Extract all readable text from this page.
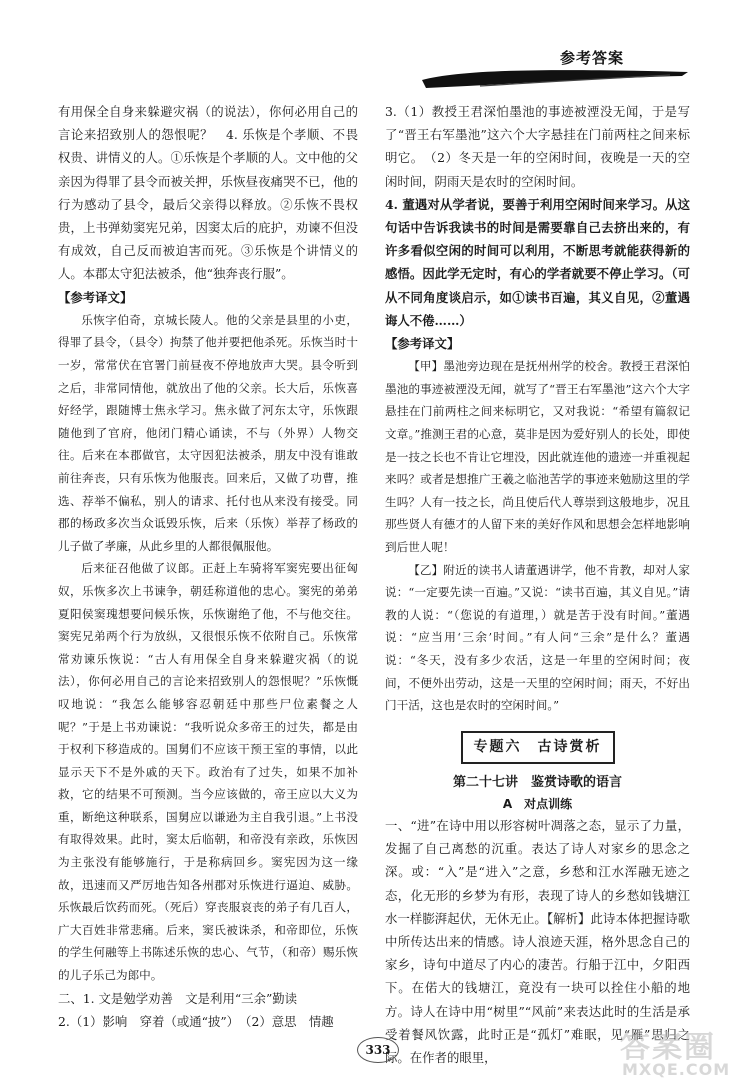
参考答案

有用保全自身来躲避灾祸（的说法），你何必用自己的言论来招致别人的怨恨呢？　4. 乐恢是个孝顺、不畏权贵、讲情义的人。①乐恢是个孝顺的人。文中他的父亲因为得罪了县令而被关押，乐恢昼夜痛哭不已，他的行为感动了县令，最后父亲得以释放。②乐恢不畏权贵，上书弹劾窦宪兄弟，因窦太后的庇护，劝谏不但没有成效，自己反而被迫害而死。③乐恢是个讲情义的人。本郡太守犯法被杀，他“独奔丧行服”。

【参考译文】

乐恢字伯奇，京城长陵人。他的父亲是县里的小吏，得罪了县令，（县令）拘禁了他并要把他杀死。乐恢当时十一岁，常常伏在官署门前昼夜不停地放声大哭。县令听到之后，非常同情他，就放出了他的父亲。长大后，乐恢喜好经学，跟随博士焦永学习。焦永做了河东太守，乐恢跟随他到了官府，他闭门精心诵读，不与（外界）人物交往。后来在本郡做官，太守因犯法被杀，朋友中没有谁敢前往奔丧，只有乐恢为他服丧。回来后，又做了功曹，推选、荐举不偏私，别人的请求、托付也从来没有接受。同郡的杨政多次当众诋毁乐恢，后来（乐恢）举荐了杨政的儿子做了孝廉，从此乡里的人都很佩服他。

后来征召他做了议郎。正赶上车骑将军窦宪要出征匈奴，乐恢多次上书谏争，朝廷称道他的忠心。窦宪的弟弟夏阳侯窦瑰想要问候乐恢，乐恢谢绝了他，不与他交往。窦宪兄弟两个行为放纵，又很恨乐恢不依附自己。乐恢常常劝谏乐恢说：“古人有用保全自身来躲避灾祸（的说法），你何必用自己的言论来招致别人的怨恨呢？”乐恢慨叹地说：“我怎么能够容忍朝廷中那些尸位素餐之人呢？”于是上书劝谏说：“我听说众多帝王的过失，都是由于权利下移造成的。国舅们不应该干预王室的事情，以此显示天下不是外戚的天下。政治有了过失，如果不加补救，它的结果不可预测。当今应该做的，帝王应以大义为重，断绝这种联系，国舅应以谦逊为主自我引退。”上书没有取得效果。此时，窦太后临朝，和帝没有亲政，乐恢因为主张没有能够施行，于是称病回乡。窦宪因为这一缘故，迅速而又严厉地告知各州郡对乐恢进行逼迫、威胁。乐恢最后饮药而死。（死后）穿丧服哀丧的弟子有几百人，广大百姓非常悲痛。后来，窦氏被诛杀，和帝即位，乐恢的学生何融等上书陈述乐恢的忠心、气节，（和帝）赐乐恢的儿子乐己为郎中。

二、1. 文是勉学劝善　文是利用“三余”勤读

2.（1）影响　穿着（或通“披”）　（2）意思　情趣

3.（1）教授王君深怕墨池的事迹被湮没无闻，于是写了“晋王右军墨池”这六个大字悬挂在门前两柱之间来标明它。　（2）冬天是一年的空闲时间，夜晚是一天的空闲时间，阴雨天是农时的空闲时间。

4. 董遇对从学者说，要善于利用空闲时间来学习。从这句话中告诉我读书的时间是需要靠自己去挤出来的，有许多看似空闲的时间可以利用，不断思考就能获得新的感悟。因此学无定时，有心的学者就要不停止学习。（可从不同角度谈启示，如①读书百遍，其义自见，②董遇诲人不倦……）

【参考译文】

【甲】墨池旁边现在是抚州州学的校舍。教授王君深怕墨池的事迹被湮没无闻，就写了“晋王右军墨池”这六个大字悬挂在门前两柱之间来标明它，又对我说：“希望有篇叙记文章。”推测王君的心意，莫非是因为爱好别人的长处，即使是一技之长也不肯让它埋没，因此就连他的遗迹一并重视起来吗？或者是想推广王羲之临池苦学的事迹来勉励这里的学生吗？人有一技之长，尚且使后代人尊崇到这般地步，况且那些贤人有德才的人留下来的美好作风和思想会怎样地影响到后世人呢！

【乙】附近的读书人请董遇讲学，他不肯教，却对人家说：“一定要先读一百遍。”又说：“读书百遍，其义自见。”请教的人说：“（您说的有道理，）就是苦于没有时间。”董遇说：“应当用‘三余’时间。”有人问“三余”是什么？董遇说：“冬天，没有多少农活，这是一年里的空闲时间；夜间，不便外出劳动，这是一天里的空闲时间；雨天，不好出门干活，这也是农时的空闲时间。”

专题六　古诗赏析
第二十七讲　鉴赏诗歌的语言
A　对点训练

一、“进”在诗中用以形容树叶凋落之态，显示了力量，发掘了自己离愁的沉重。表达了诗人对家乡的思念之深。或：“入”是“进入”之意，乡愁和江水浑融无迹之态，化无形的乡梦为有形，表现了诗人的乡愁如钱塘江水一样膨湃起伏，无休无止。【解析】此诗本体把握诗歌中所传达出来的情感。诗人浪迹天涯，格外思念自己的家乡，诗句中道尽了内心的凄苦。行船于江中，夕阳西下。在偌大的钱塘江，竟没有一块可以拴住小船的地方。诗人在诗中用“树里”“风前”来表达此时的生活是承受着餐风饮露，此时正是“孤灯”难眠，见“雁”思归之际。在作者的眼里，

333	答案圈
MXQE.COM
